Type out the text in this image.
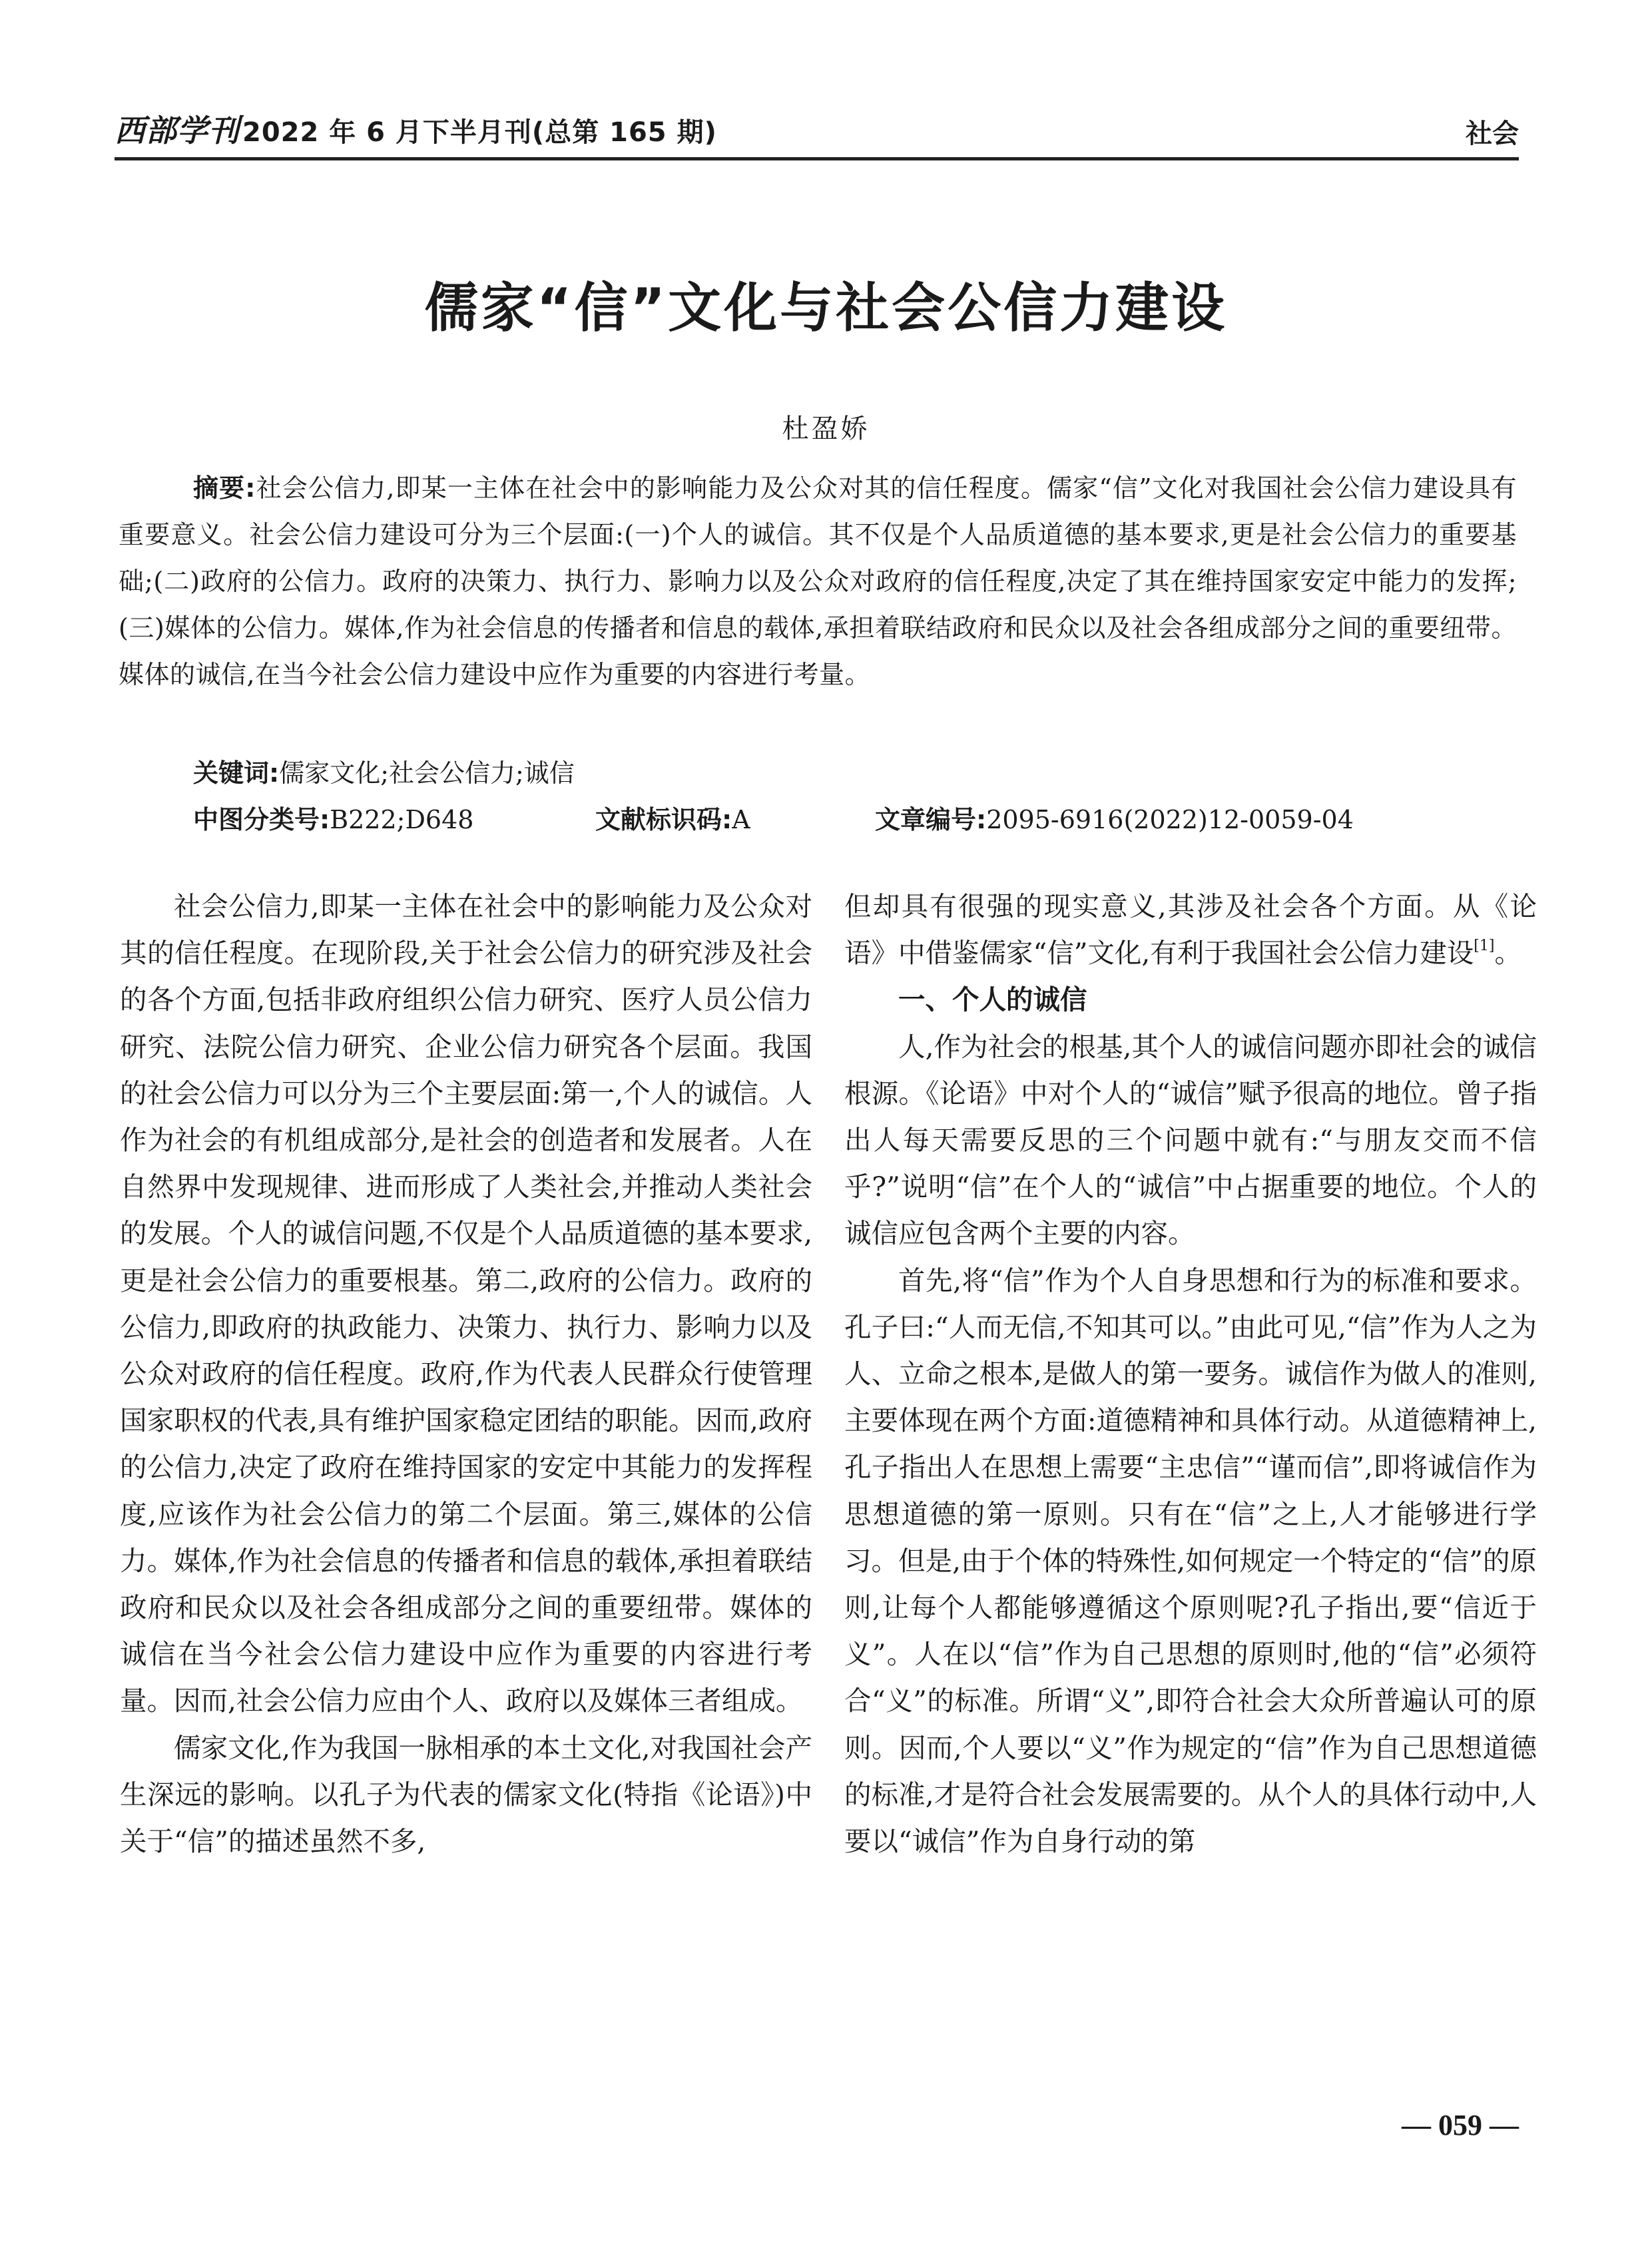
西部学刊 2022 年 6 月下半月刊(总第 165 期)	社会
儒家“信”文化与社会公信力建设
杜盈娇
摘要:社会公信力,即某一主体在社会中的影响能力及公众对其的信任程度。儒家“信”文化对我国社会公信力建设具有重要意义。社会公信力建设可分为三个层面:(一)个人的诚信。其不仅是个人品质道德的基本要求,更是社会公信力的重要基础;(二)政府的公信力。政府的决策力、执行力、影响力以及公众对政府的信任程度,决定了其在维持国家安定中能力的发挥;(三)媒体的公信力。媒体,作为社会信息的传播者和信息的载体,承担着联结政府和民众以及社会各组成部分之间的重要纽带。媒体的诚信,在当今社会公信力建设中应作为重要的内容进行考量。
关键词:儒家文化;社会公信力;诚信
中图分类号:B222;D648	文献标识码:A	文章编号:2095-6916(2022)12-0059-04

社会公信力,即某一主体在社会中的影响能力及公众对其的信任程度。在现阶段,关于社会公信力的研究涉及社会的各个方面,包括非政府组织公信力研究、医疗人员公信力研究、法院公信力研究、企业公信力研究各个层面。我国的社会公信力可以分为三个主要层面:第一,个人的诚信。人作为社会的有机组成部分,是社会的创造者和发展者。人在自然界中发现规律、进而形成了人类社会,并推动人类社会的发展。个人的诚信问题,不仅是个人品质道德的基本要求,更是社会公信力的重要根基。第二,政府的公信力。政府的公信力,即政府的执政能力、决策力、执行力、影响力以及公众对政府的信任程度。政府,作为代表人民群众行使管理国家职权的代表,具有维护国家稳定团结的职能。因而,政府的公信力,决定了政府在维持国家的安定中其能力的发挥程度,应该作为社会公信力的第二个层面。第三,媒体的公信力。媒体,作为社会信息的传播者和信息的载体,承担着联结政府和民众以及社会各组成部分之间的重要纽带。媒体的诚信在当今社会公信力建设中应作为重要的内容进行考量。因而,社会公信力应由个人、政府以及媒体三者组成。

儒家文化,作为我国一脉相承的本土文化,对我国社会产生深远的影响。以孔子为代表的儒家文化(特指《论语》)中关于“信”的描述虽然不多,

但却具有很强的现实意义,其涉及社会各个方面。从《论语》中借鉴儒家“信”文化,有利于我国社会公信力建设[1]。

一、个人的诚信

人,作为社会的根基,其个人的诚信问题亦即社会的诚信根源。《论语》中对个人的“诚信”赋予很高的地位。曾子指出人每天需要反思的三个问题中就有:“与朋友交而不信乎?”说明“信”在个人的“诚信”中占据重要的地位。个人的诚信应包含两个主要的内容。

首先,将“信”作为个人自身思想和行为的标准和要求。孔子曰:“人而无信,不知其可以。”由此可见,“信”作为人之为人、立命之根本,是做人的第一要务。诚信作为做人的准则,主要体现在两个方面:道德精神和具体行动。从道德精神上,孔子指出人在思想上需要“主忠信”“谨而信”,即将诚信作为思想道德的第一原则。只有在“信”之上,人才能够进行学习。但是,由于个体的特殊性,如何规定一个特定的“信”的原则,让每个人都能够遵循这个原则呢?孔子指出,要“信近于义”。人在以“信”作为自己思想的原则时,他的“信”必须符合“义”的标准。所谓“义”,即符合社会大众所普遍认可的原则。因而,个人要以“义”作为规定的“信”作为自己思想道德的标准,才是符合社会发展需要的。从个人的具体行动中,人要以“诚信”作为自身行动的第

— 059 —
